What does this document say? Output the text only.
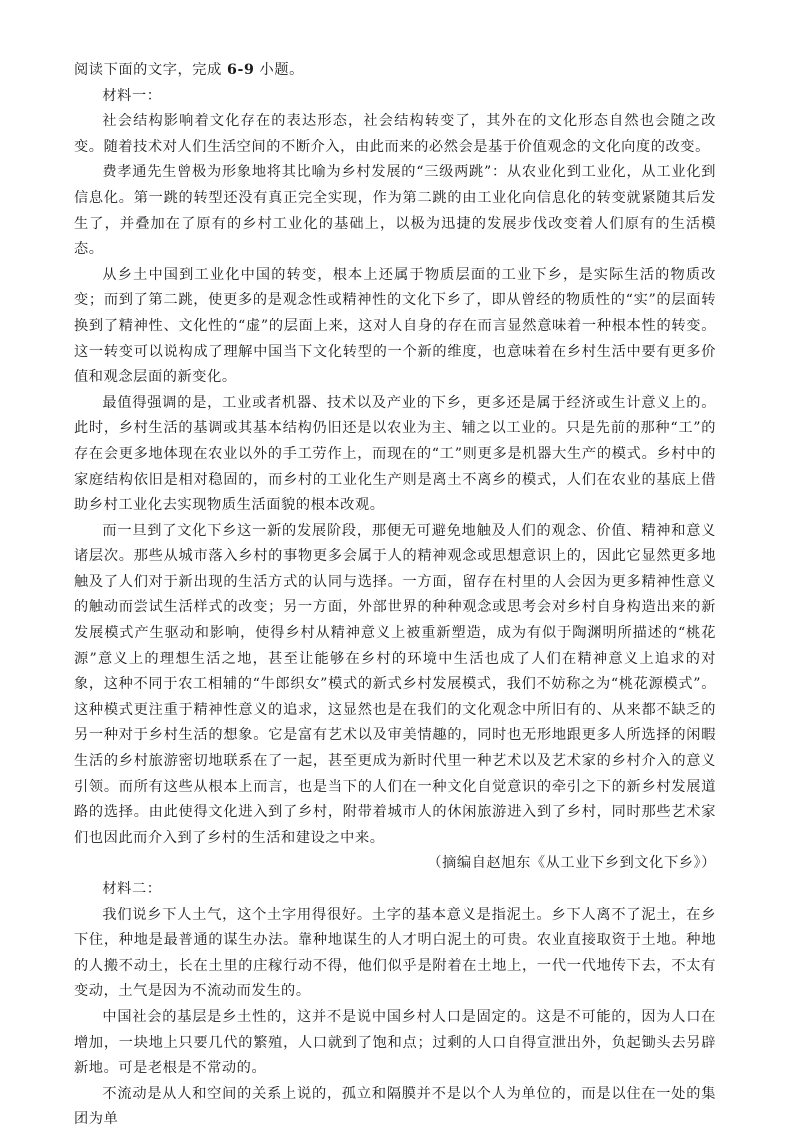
阅读下面的文字，完成 6-9 小题。

材料一：

社会结构影响着文化存在的表达形态，社会结构转变了，其外在的文化形态自然也会随之改变。随着技术对人们生活空间的不断介入，由此而来的必然会是基于价值观念的文化向度的改变。

费孝通先生曾极为形象地将其比喻为乡村发展的“三级两跳”：从农业化到工业化，从工业化到信息化。第一跳的转型还没有真正完全实现，作为第二跳的由工业化向信息化的转变就紧随其后发生了，并叠加在了原有的乡村工业化的基础上，以极为迅捷的发展步伐改变着人们原有的生活模态。

从乡土中国到工业化中国的转变，根本上还属于物质层面的工业下乡，是实际生活的物质改变；而到了第二跳，使更多的是观念性或精神性的文化下乡了，即从曾经的物质性的“实”的层面转换到了精神性、文化性的“虚”的层面上来，这对人自身的存在而言显然意味着一种根本性的转变。这一转变可以说构成了理解中国当下文化转型的一个新的维度，也意味着在乡村生活中要有更多价值和观念层面的新变化。

最值得强调的是，工业或者机器、技术以及产业的下乡，更多还是属于经济或生计意义上的。此时，乡村生活的基调或其基本结构仍旧还是以农业为主、辅之以工业的。只是先前的那种“工”的存在会更多地体现在农业以外的手工劳作上，而现在的“工”则更多是机器大生产的模式。乡村中的家庭结构依旧是相对稳固的，而乡村的工业化生产则是离土不离乡的模式，人们在农业的基底上借助乡村工业化去实现物质生活面貌的根本改观。

而一旦到了文化下乡这一新的发展阶段，那便无可避免地触及人们的观念、价值、精神和意义诸层次。那些从城市落入乡村的事物更多会属于人的精神观念或思想意识上的，因此它显然更多地触及了人们对于新出现的生活方式的认同与选择。一方面，留存在村里的人会因为更多精神性意义的触动而尝试生活样式的改变；另一方面，外部世界的种种观念或思考会对乡村自身构造出来的新发展模式产生驱动和影响，使得乡村从精神意义上被重新塑造，成为有似于陶渊明所描述的“桃花源”意义上的理想生活之地，甚至让能够在乡村的环境中生活也成了人们在精神意义上追求的对象，这种不同于农工相辅的“牛郎织女”模式的新式乡村发展模式，我们不妨称之为“桃花源模式”。这种模式更注重于精神性意义的追求，这显然也是在我们的文化观念中所旧有的、从来都不缺乏的另一种对于乡村生活的想象。它是富有艺术以及审美情趣的，同时也无形地跟更多人所选择的闲暇生活的乡村旅游密切地联系在了一起，甚至更成为新时代里一种艺术以及艺术家的乡村介入的意义引领。而所有这些从根本上而言，也是当下的人们在一种文化自觉意识的牵引之下的新乡村发展道路的选择。由此使得文化进入到了乡村，附带着城市人的休闲旅游进入到了乡村，同时那些艺术家们也因此而介入到了乡村的生活和建设之中来。

（摘编自赵旭东《从工业下乡到文化下乡》）

材料二：

我们说乡下人土气，这个土字用得很好。土字的基本意义是指泥土。乡下人离不了泥土，在乡下住，种地是最普通的谋生办法。靠种地谋生的人才明白泥土的可贵。农业直接取资于土地。种地的人搬不动土，长在土里的庄稼行动不得，他们似乎是附着在土地上，一代一代地传下去，不太有变动，土气是因为不流动而发生的。

中国社会的基层是乡土性的，这并不是说中国乡村人口是固定的。这是不可能的，因为人口在增加，一块地上只要几代的繁殖，人口就到了饱和点；过剩的人口自得宣泄出外，负起锄头去另辟新地。可是老根是不常动的。

不流动是从人和空间的关系上说的，孤立和隔膜并不是以个人为单位的，而是以住在一处的集团为单
